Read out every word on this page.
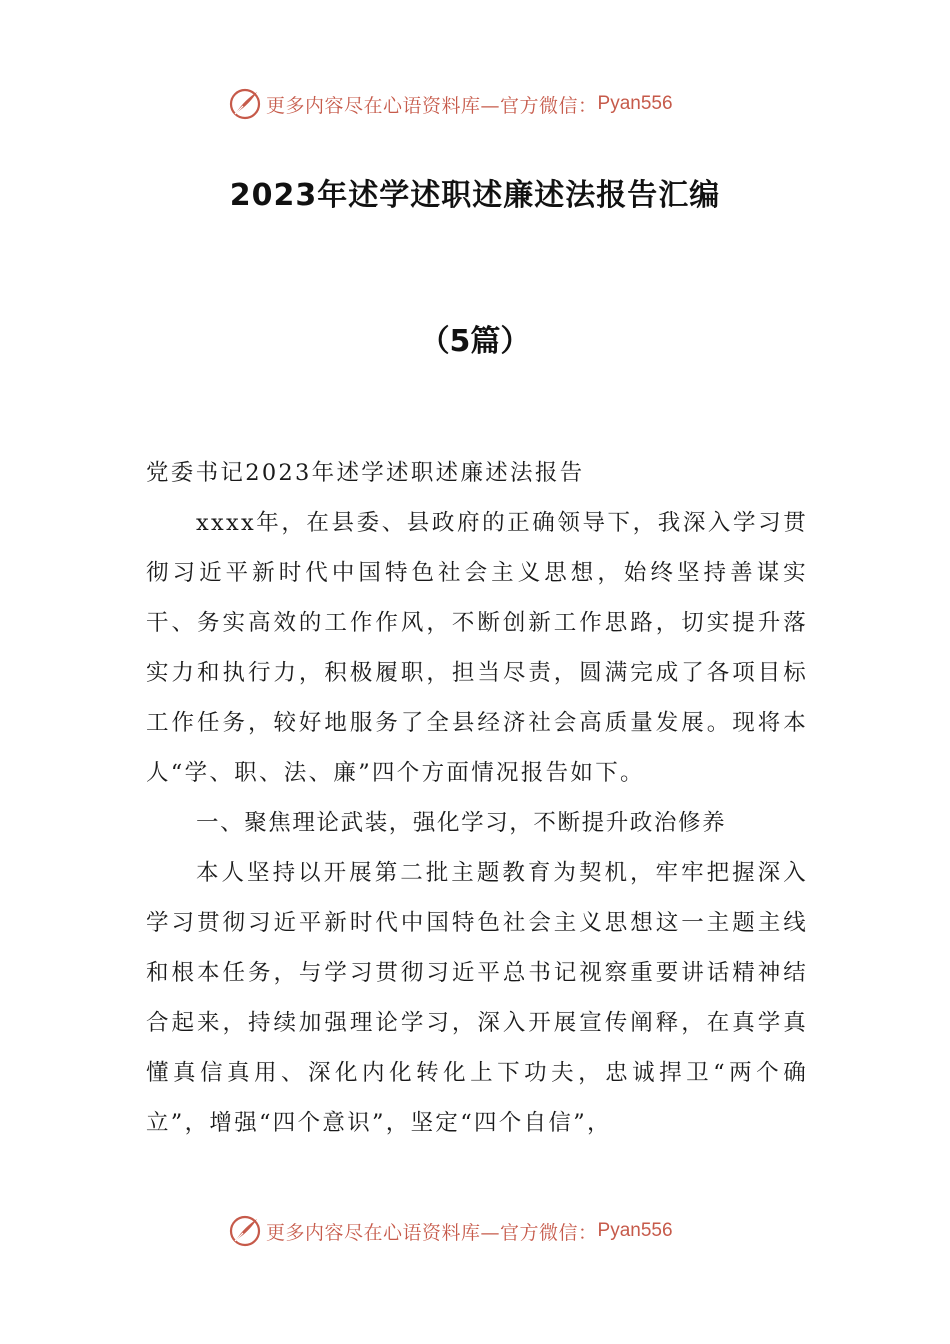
更多内容尽在心语资料库—官方微信： Pyan556
2023年述学述职述廉述法报告汇编
（5篇）

党委书记2023年述学述职述廉述法报告

xxxx年，在县委、县政府的正确领导下，我深入学习贯彻习近平新时代中国特色社会主义思想，始终坚持善谋实干、务实高效的工作作风，不断创新工作思路，切实提升落实力和执行力，积极履职，担当尽责，圆满完成了各项目标工作任务，较好地服务了全县经济社会高质量发展。现将本人“学、职、法、廉”四个方面情况报告如下。

一、聚焦理论武装，强化学习，不断提升政治修养

本人坚持以开展第二批主题教育为契机，牢牢把握深入学习贯彻习近平新时代中国特色社会主义思想这一主题主线和根本任务，与学习贯彻习近平总书记视察重要讲话精神结合起来，持续加强理论学习，深入开展宣传阐释，在真学真懂真信真用、深化内化转化上下功夫，忠诚捍卫“两个确立”，增强“四个意识”，坚定“四个自信”，

更多内容尽在心语资料库—官方微信： Pyan556
